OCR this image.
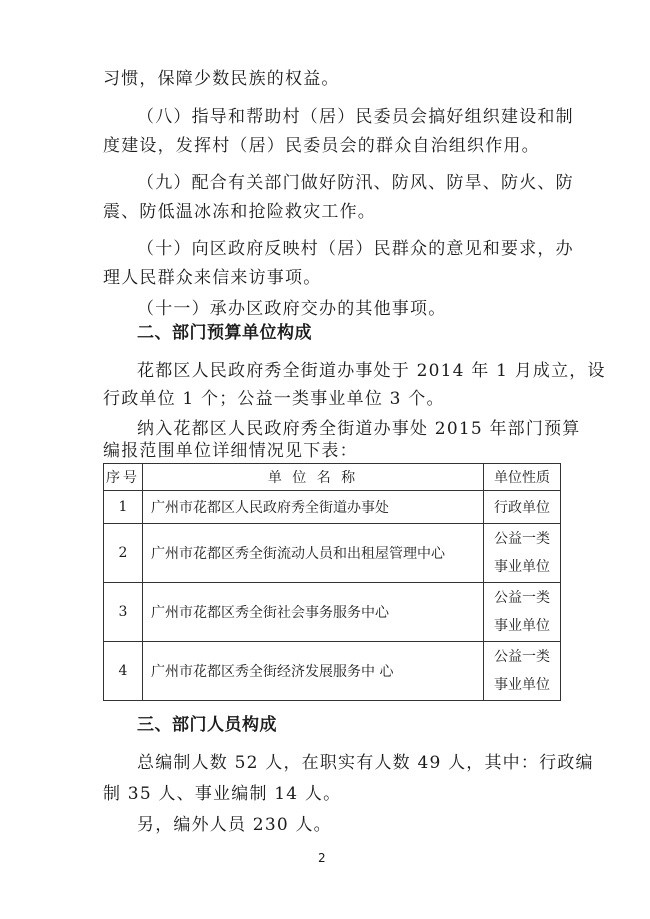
习惯，保障少数民族的权益。
（八）指导和帮助村（居）民委员会搞好组织建设和制
度建设，发挥村（居）民委员会的群众自治组织作用。
（九）配合有关部门做好防汛、防风、防旱、防火、防
震、防低温冰冻和抢险救灾工作。
（十）向区政府反映村（居）民群众的意见和要求，办
理人民群众来信来访事项。
（十一）承办区政府交办的其他事项。
二、部门预算单位构成
花都区人民政府秀全街道办事处于 2014 年 1 月成立，设
行政单位 1 个；公益一类事业单位 3 个。
纳入花都区人民政府秀全街道办事处 2015 年部门预算
编报范围单位详细情况见下表：
序号	单 位 名 称	单位性质
1	广州市花都区人民政府秀全街道办事处	行政单位
2	广州市花都区秀全街流动人员和出租屋管理中心	公益一类
事业单位

3	广州市花都区秀全街社会事务服务中心	公益一类
事业单位

4	广州市花都区秀全街经济发展服务中 心	公益一类
事业单位
三、部门人员构成
总编制人数 52 人，在职实有人数 49 人，其中：行政编
制 35 人、事业编制 14 人。
另，编外人员 230 人。
2
